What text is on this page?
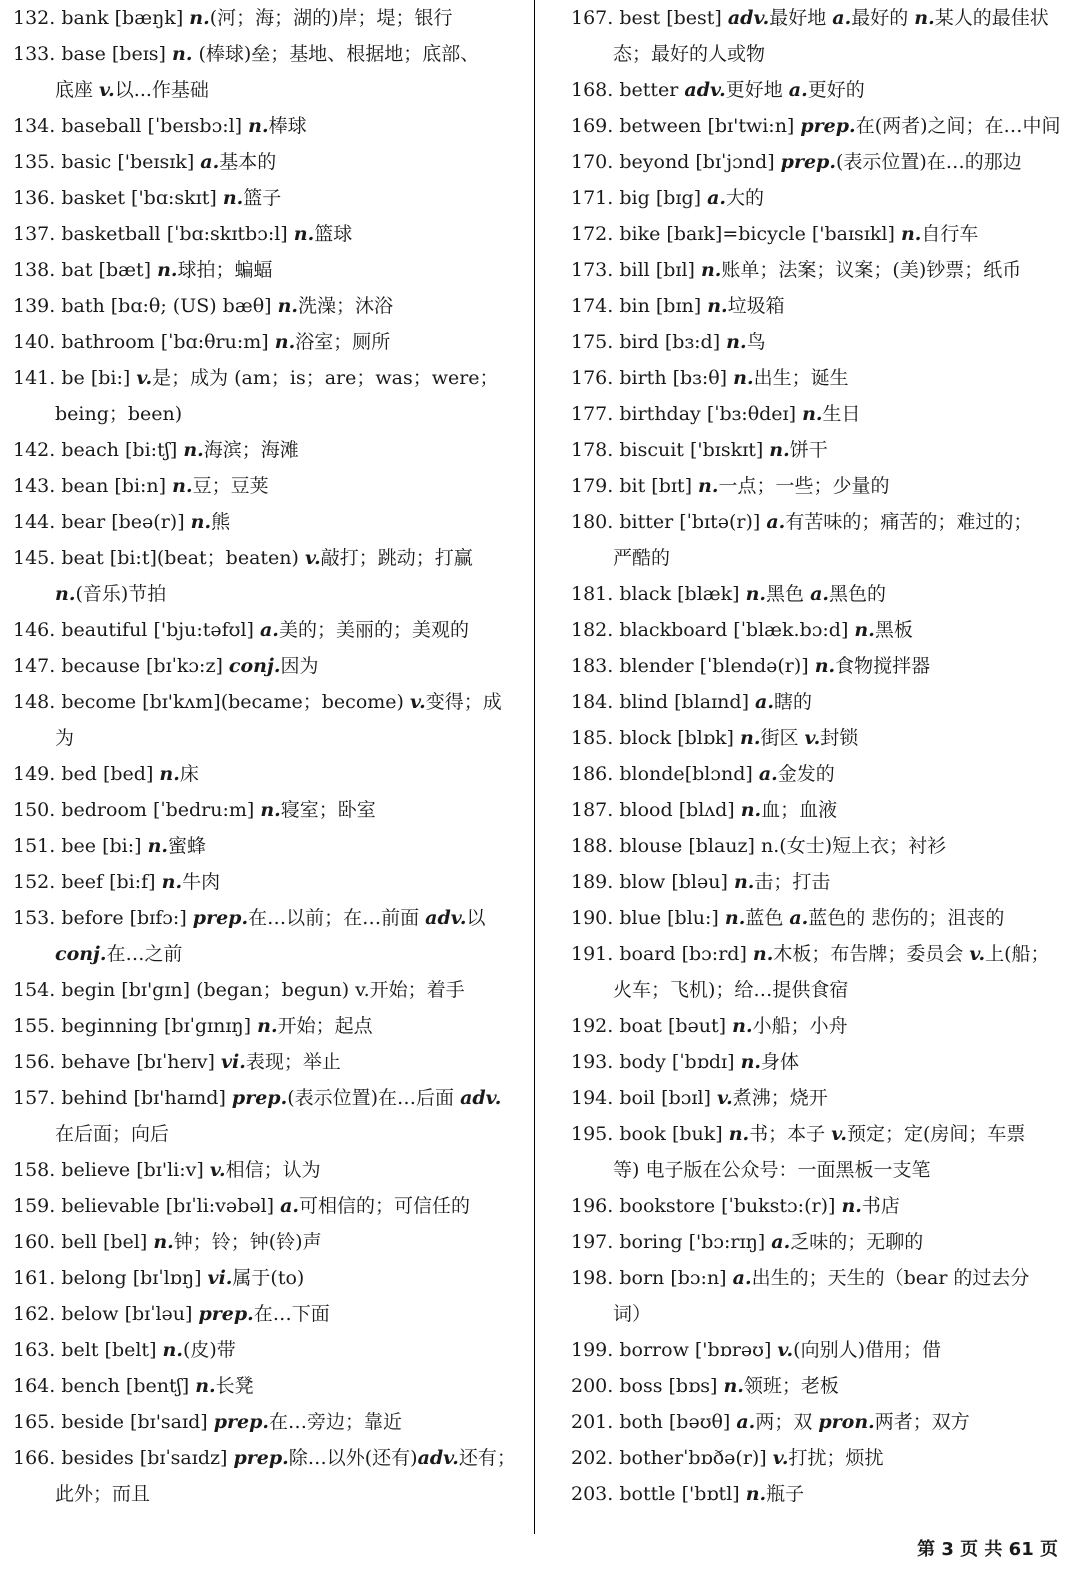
132. bank [bæŋk] n.(河；海；湖的)岸；堤；银行
133. base [beɪs] n. (棒球)垒；基地、根据地；底部、
底座 v.以...作基础
134. baseball [ˈbeɪsbɔ:l] n.棒球
135. basic ['beɪsɪk] a.基本的
136. basket ['bɑ:skɪt] n.篮子
137. basketball [ˈbɑ:skɪtbɔ:l] n.篮球
138. bat [bæt] n.球拍；蝙蝠
139. bath [bɑ:θ; (US) bæθ] n.洗澡；沐浴
140. bathroom [ˈbɑ:θru:m] n.浴室；厕所
141. be [bi:] v.是；成为 (am；is；are；was；were；
being；been)
142. beach [bi:tʃ] n.海滨；海滩
143. bean [bi:n] n.豆；豆荚
144. bear [beə(r)] n.熊
145. beat [bi:t](beat；beaten) v.敲打；跳动；打赢
n.(音乐)节拍
146. beautiful ['bju:təfʊl] a.美的；美丽的；美观的
147. because [bɪˈkɔ:z] conj.因为
148. become [bɪ'kʌm](became；become) v.变得；成
为
149. bed [bed] n.床
150. bedroom [ˈbedru:m] n.寝室；卧室
151. bee [bi:] n.蜜蜂
152. beef [bi:f] n.牛肉
153. before [bɪfɔ:] prep.在…以前；在…前面 adv.以
conj.在…之前
154. begin [bɪ'gɪn] (began；begun) v.开始；着手
155. beginning [bɪˈgɪnɪŋ] n.开始；起点
156. behave [bɪˈheɪv] vi.表现；举止
157. behind [bɪ'haɪnd] prep.(表示位置)在…后面 adv.
在后面；向后
158. believe [bɪ'li:v] v.相信；认为
159. believable [bɪˈli:vəbəl] a.可相信的；可信任的
160. bell [bel] n.钟；铃；钟(铃)声
161. belong [bɪˈlɒŋ] vi.属于(to)
162. below [bɪˈləu] prep.在…下面
163. belt [belt] n.(皮)带
164. bench [bentʃ] n.长凳
165. beside [bɪ'saɪd] prep.在…旁边；靠近
166. besides [bɪˈsaɪdz] prep.除…以外(还有)adv.还有；
此外；而且
167. best [best] adv.最好地 a.最好的 n.某人的最佳状
态；最好的人或物
168. better adv.更好地 a.更好的
169. between [bɪ'twi:n] prep.在(两者)之间；在…中间
170. beyond [bɪˈjɔnd] prep.(表示位置)在…的那边
171. big [bɪg] a.大的
172. bike [baɪk]=bicycle ['baɪsɪkl] n.自行车
173. bill [bɪl] n.账单；法案；议案；(美)钞票；纸币
174. bin [bɪn] n.垃圾箱
175. bird [bɜ:d] n.鸟
176. birth [bɜ:θ] n.出生；诞生
177. birthday [ˈbɜ:θdeɪ] n.生日
178. biscuit ['bɪskɪt] n.饼干
179. bit [bɪt] n.一点；一些；少量的
180. bitter [ˈbɪtə(r)] a.有苦味的；痛苦的；难过的；
严酷的
181. black [blæk] n.黑色 a.黑色的
182. blackboard [ˈblæk.bɔ:d] n.黑板
183. blender [ˈblendə(r)] n.食物搅拌器
184. blind [blaɪnd] a.瞎的
185. block [blɒk] n.街区 v.封锁
186. blonde[blɔnd] a.金发的
187. blood [blʌd] n.血；血液
188. blouse [blauz] n.(女士)短上衣；衬衫
189. blow [bləu] n.击；打击
190. blue [blu:] n.蓝色 a.蓝色的 悲伤的；沮丧的
191. board [bɔ:rd] n.木板；布告牌；委员会 v.上(船；
火车；飞机)；给…提供食宿
192. boat [bəut] n.小船；小舟
193. body [ˈbɒdɪ] n.身体
194. boil [bɔɪl] v.煮沸；烧开
195. book [buk] n.书；本子 v.预定；定(房间；车票
等) 电子版在公众号：一面黑板一支笔
196. bookstore [ˈbukstɔ:(r)] n.书店
197. boring ['bɔ:rɪŋ] a.乏味的；无聊的
198. born [bɔ:n] a.出生的；天生的（bear 的过去分
词）
199. borrow ['bɒrəʊ] v.(向别人)借用；借
200. boss [bɒs] n.领班；老板
201. both [bəʊθ] a.两；双 pron.两者；双方
202. botherˈbɒðə(r)] v.打扰；烦扰
203. bottle ['bɒtl] n.瓶子
第 3 页 共 61 页
